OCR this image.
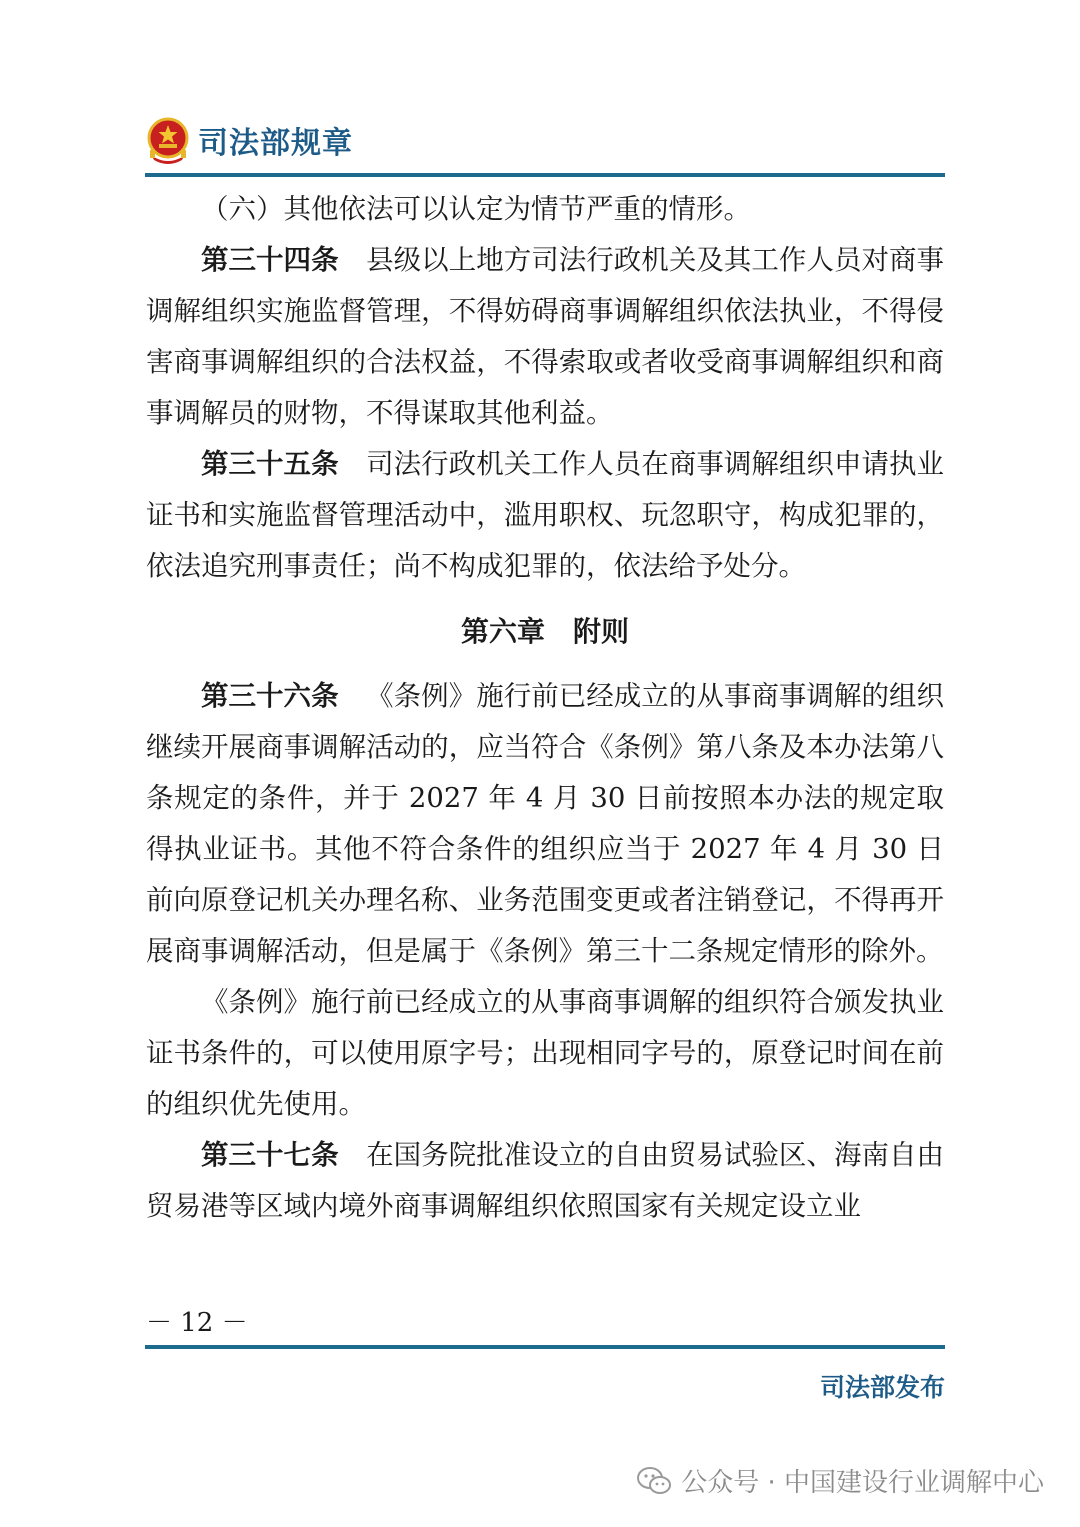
司法部规章

（六）其他依法可以认定为情节严重的情形。

第三十四条 县级以上地方司法行政机关及其工作人员对商事调解组织实施监督管理，不得妨碍商事调解组织依法执业，不得侵害商事调解组织的合法权益，不得索取或者收受商事调解组织和商事调解员的财物，不得谋取其他利益。

第三十五条 司法行政机关工作人员在商事调解组织申请执业证书和实施监督管理活动中，滥用职权、玩忽职守，构成犯罪的，依法追究刑事责任；尚不构成犯罪的，依法给予处分。

第六章　附则

第三十六条 《条例》施行前已经成立的从事商事调解的组织继续开展商事调解活动的，应当符合《条例》第八条及本办法第八条规定的条件，并于 2027 年 4 月 30 日前按照本办法的规定取得执业证书。其他不符合条件的组织应当于 2027 年 4 月 30 日前向原登记机关办理名称、业务范围变更或者注销登记，不得再开展商事调解活动，但是属于《条例》第三十二条规定情形的除外。

《条例》施行前已经成立的从事商事调解的组织符合颁发执业证书条件的，可以使用原字号；出现相同字号的，原登记时间在前的组织优先使用。

第三十七条 在国务院批准设立的自由贸易试验区、海南自由贸易港等区域内境外商事调解组织依照国家有关规定设立业

－ 12 －
司法部发布
公众号 · 中国建设行业调解中心
